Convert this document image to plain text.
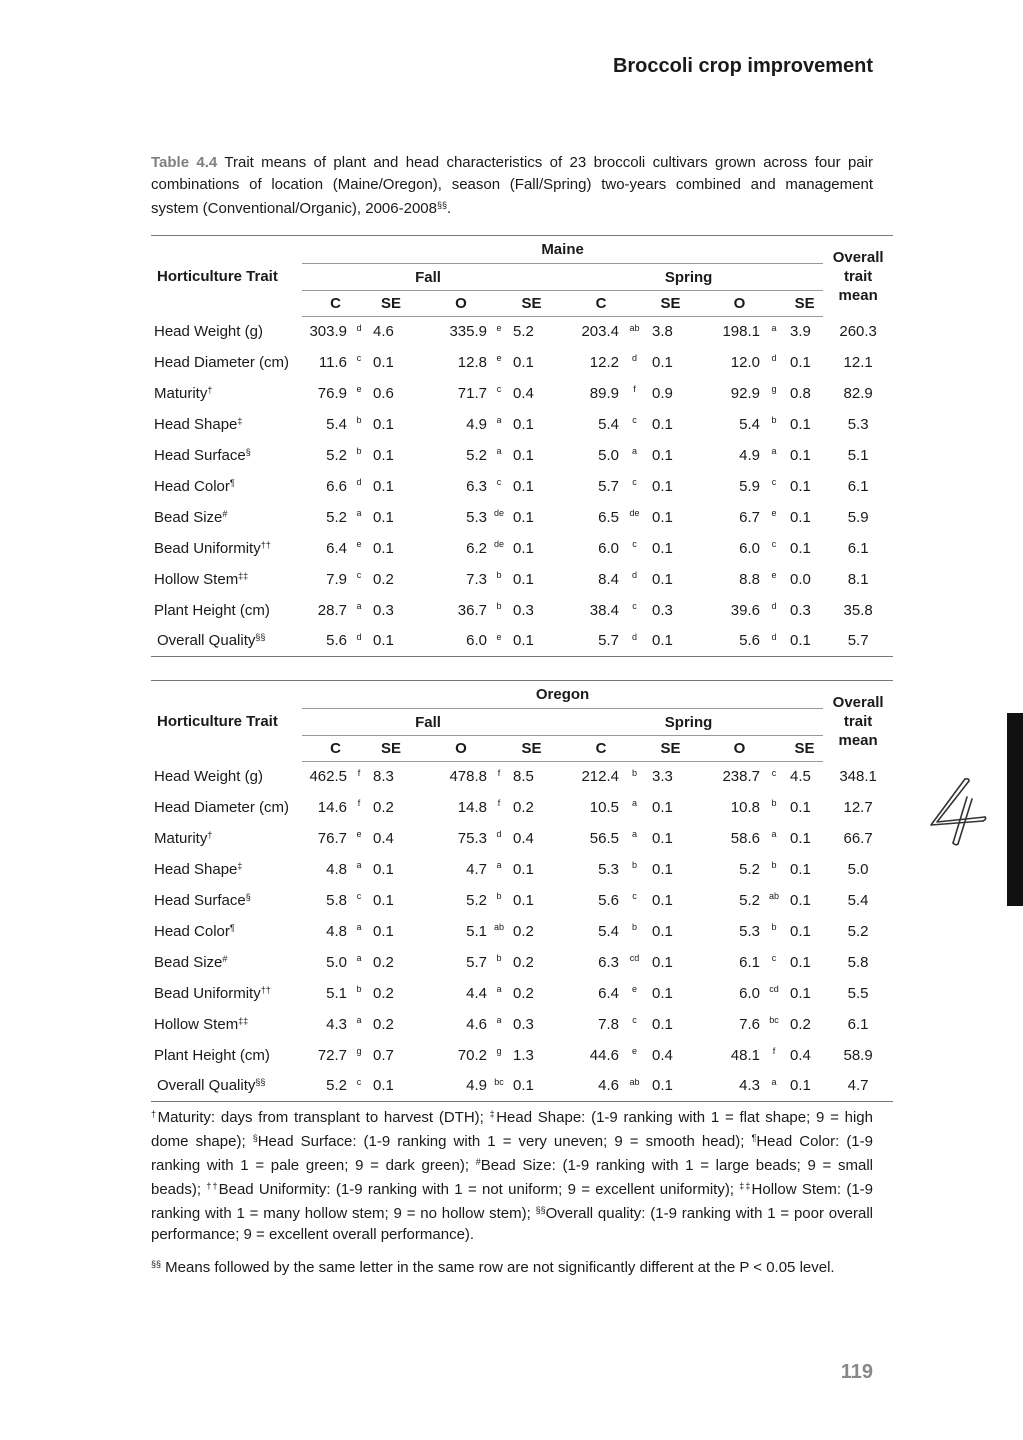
Broccoli crop improvement

Table 4.4 Trait means of plant and head characteristics of 23 broccoli cultivars grown across four pair combinations of location (Maine/Oregon), season (Fall/Spring) two-years combined and management system (Conventional/Organic), 2006-2008§§.

Horticulture Trait	Maine												Overall
trait
mean
	Fall						Spring						
	C		SE	O		SE	C		SE	O		SE	
Head Weight (g)	303.9	d	4.6	335.9	e	5.2	203.4	ab	3.8	198.1	a	3.9	260.3
Head Diameter (cm)	11.6	c	0.1	12.8	e	0.1	12.2	d	0.1	12.0	d	0.1	12.1
Maturity†	76.9	e	0.6	71.7	c	0.4	89.9	f	0.9	92.9	g	0.8	82.9
Head Shape‡	5.4	b	0.1	4.9	a	0.1	5.4	c	0.1	5.4	b	0.1	5.3
Head Surface§	5.2	b	0.1	5.2	a	0.1	5.0	a	0.1	4.9	a	0.1	5.1
Head Color¶	6.6	d	0.1	6.3	c	0.1	5.7	c	0.1	5.9	c	0.1	6.1
Bead Size#	5.2	a	0.1	5.3	de	0.1	6.5	de	0.1	6.7	e	0.1	5.9
Bead Uniformity††	6.4	e	0.1	6.2	de	0.1	6.0	c	0.1	6.0	c	0.1	6.1
Hollow Stem‡‡	7.9	c	0.2	7.3	b	0.1	8.4	d	0.1	8.8	e	0.0	8.1
Plant Height (cm)	28.7	a	0.3	36.7	b	0.3	38.4	c	0.3	39.6	d	0.3	35.8
Overall Quality§§	5.6	d	0.1	6.0	e	0.1	5.7	d	0.1	5.6	d	0.1	5.7
Horticulture Trait	Oregon												Overall
trait
mean
	Fall						Spring						
	C		SE	O		SE	C		SE	O		SE	
Head Weight (g)	462.5	f	8.3	478.8	f	8.5	212.4	b	3.3	238.7	c	4.5	348.1
Head Diameter (cm)	14.6	f	0.2	14.8	f	0.2	10.5	a	0.1	10.8	b	0.1	12.7
Maturity†	76.7	e	0.4	75.3	d	0.4	56.5	a	0.1	58.6	a	0.1	66.7
Head Shape‡	4.8	a	0.1	4.7	a	0.1	5.3	b	0.1	5.2	b	0.1	5.0
Head Surface§	5.8	c	0.1	5.2	b	0.1	5.6	c	0.1	5.2	ab	0.1	5.4
Head Color¶	4.8	a	0.1	5.1	ab	0.2	5.4	b	0.1	5.3	b	0.1	5.2
Bead Size#	5.0	a	0.2	5.7	b	0.2	6.3	cd	0.1	6.1	c	0.1	5.8
Bead Uniformity††	5.1	b	0.2	4.4	a	0.2	6.4	e	0.1	6.0	cd	0.1	5.5
Hollow Stem‡‡	4.3	a	0.2	4.6	a	0.3	7.8	c	0.1	7.6	bc	0.2	6.1
Plant Height (cm)	72.7	g	0.7	70.2	g	1.3	44.6	e	0.4	48.1	f	0.4	58.9
Overall Quality§§	5.2	c	0.1	4.9	bc	0.1	4.6	ab	0.1	4.3	a	0.1	4.7
†Maturity: days from transplant to harvest (DTH); ‡Head Shape: (1-9 ranking with 1 = flat shape; 9 = high dome shape); §Head Surface: (1-9 ranking with 1 = very uneven; 9 = smooth head); ¶Head Color: (1-9 ranking with 1 = pale green; 9 = dark green); #Bead Size: (1-9 ranking with 1 = large beads; 9 = small beads); ††Bead Uniformity: (1-9 ranking with 1 = not uniform; 9 = excellent uniformity); ‡‡Hollow Stem: (1-9 ranking with 1 = many hollow stem; 9 = no hollow stem); §§Overall quality: (1-9 ranking with 1 = poor overall performance; 9 = excellent overall performance).
§§ Means followed by the same letter in the same row are not significantly different at the P < 0.05 level.
119
